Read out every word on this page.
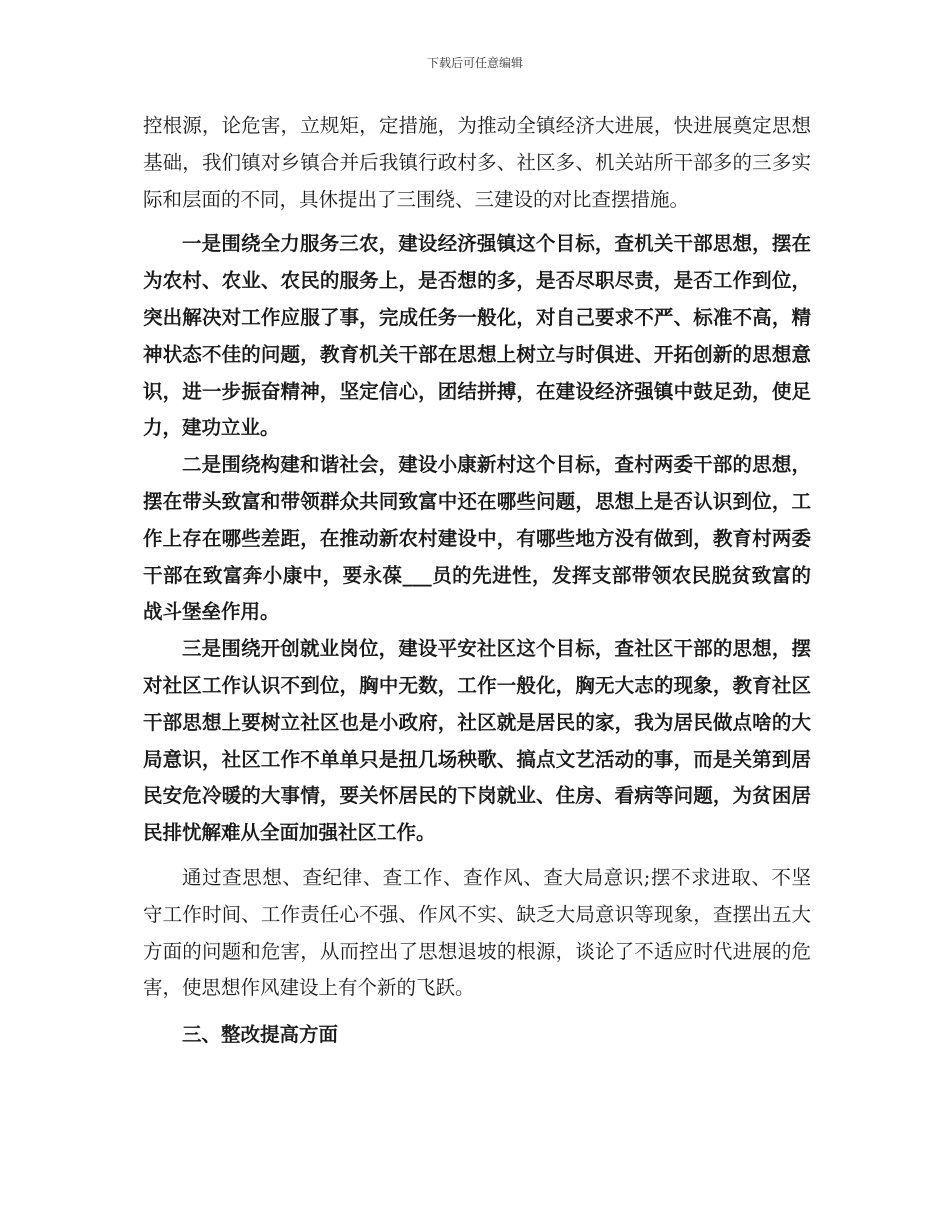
下载后可任意编辑

控根源，论危害，立规矩，定措施，为推动全镇经济大进展，快进展奠定思想基础，我们镇对乡镇合并后我镇行政村多、社区多、机关站所干部多的三多实际和层面的不同，具休提出了三围绕、三建设的对比查摆措施。

一是围绕全力服务三农，建设经济强镇这个目标，查机关干部思想，摆在为农村、农业、农民的服务上，是否想的多，是否尽职尽责，是否工作到位，突出解决对工作应服了事，完成任务一般化，对自己要求不严、标准不高，精神状态不佳的问题，教育机关干部在思想上树立与时俱进、开拓创新的思想意识，进一步振奋精神，坚定信心，团结拼搏，在建设经济强镇中鼓足劲，使足力，建功立业。

二是围绕构建和谐社会，建设小康新村这个目标，查村两委干部的思想，摆在带头致富和带领群众共同致富中还在哪些问题，思想上是否认识到位，工作上存在哪些差距，在推动新农村建设中，有哪些地方没有做到，教育村两委干部在致富奔小康中，要永葆___员的先进性，发挥支部带领农民脱贫致富的战斗堡垒作用。

三是围绕开创就业岗位，建设平安社区这个目标，查社区干部的思想，摆对社区工作认识不到位，胸中无数，工作一般化，胸无大志的现象，教育社区干部思想上要树立社区也是小政府，社区就是居民的家，我为居民做点啥的大局意识，社区工作不单单只是扭几场秧歌、搞点文艺活动的事，而是关第到居民安危冷暖的大事情，要关怀居民的下岗就业、住房、看病等问题，为贫困居民排忧解难从全面加强社区工作。

通过查思想、查纪律、查工作、查作风、查大局意识;摆不求进取、不坚守工作时间、工作责任心不强、作风不实、缺乏大局意识等现象，查摆出五大方面的问题和危害，从而控出了思想退坡的根源，谈论了不适应时代进展的危害，使思想作风建设上有个新的飞跃。

三、整改提高方面
